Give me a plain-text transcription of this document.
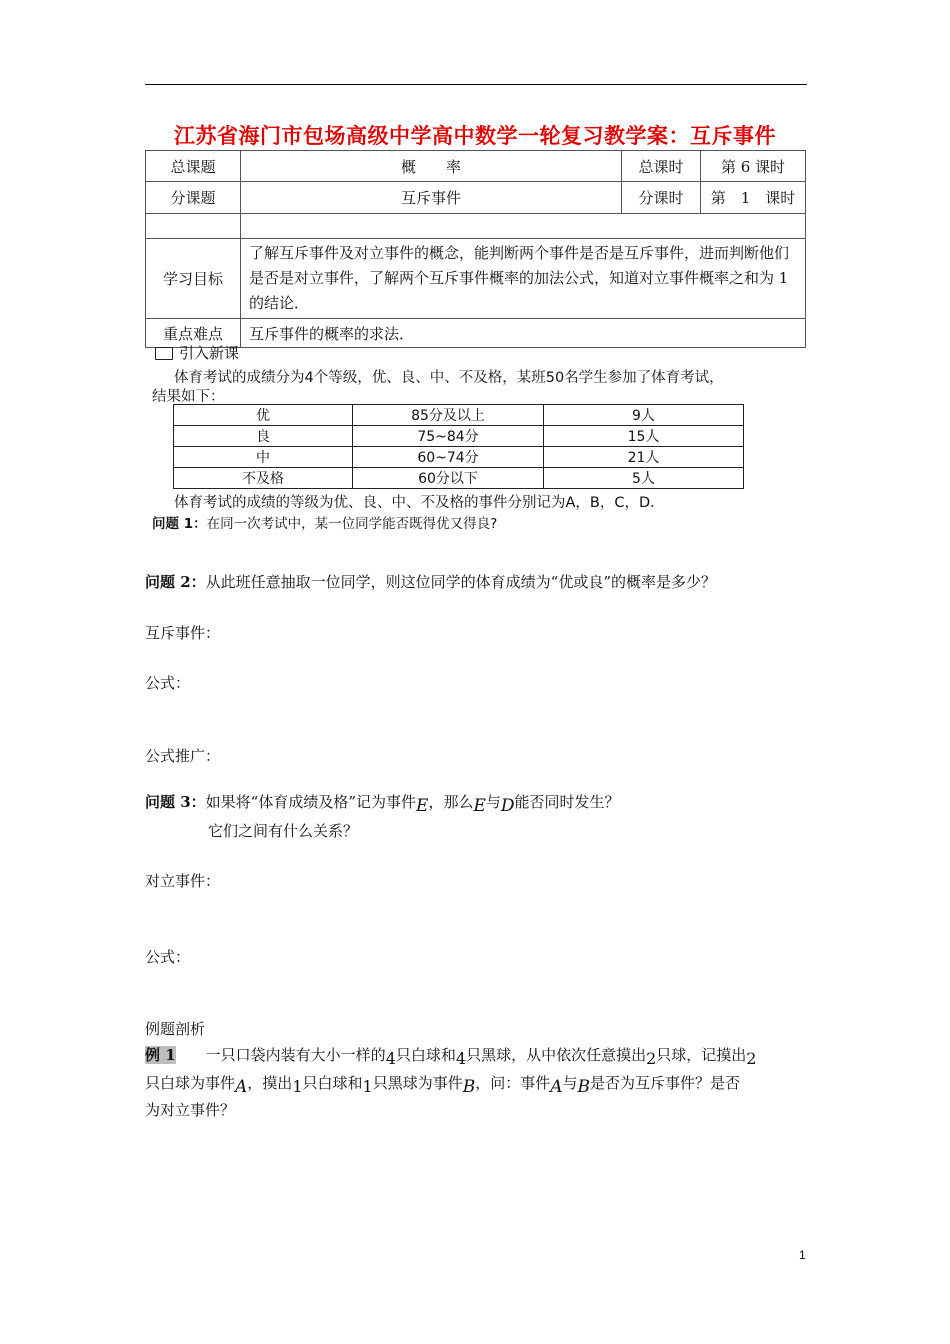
江苏省海门市包场高级中学高中数学一轮复习教学案：互斥事件
总课题	概　　率	总课时	第 6 课时
分课题	互斥事件	分课时	第　1　课时

学习目标	了解互斥事件及对立事件的概念，能判断两个事件是否是互斥事件，进而判断他们是否是对立事件，了解两个互斥事件概率的加法公式，知道对立事件概率之和为 1 的结论．		
重点难点	互斥事件的概率的求法．		
引入新课
体育考试的成绩分为4个等级，优、良、中、不及格，某班50名学生参加了体育考试，
结果如下：
优	85分及以上	9人
良	75~84分	15人
中	60~74分	21人
不及格	60分以下	5人
体育考试的成绩的等级为优、良、中、不及格的事件分别记为A，B，C，D．
问题 1：在同一次考试中，某一位同学能否既得优又得良?
问题 2：从此班任意抽取一位同学，则这位同学的体育成绩为“优或良”的概率是多少？
互斥事件：
公式：
公式推广：
问题 3：如果将“体育成绩及格”记为事件E，那么E与D能否同时发生？
它们之间有什么关系？
对立事件：
公式：
例题剖析
例 1 一只口袋内装有大小一样的4只白球和4只黑球，从中依次任意摸出2只球，记摸出2
只白球为事件A，摸出1只白球和1只黑球为事件B，问：事件A与B是否为互斥事件？是否
为对立事件？
1
